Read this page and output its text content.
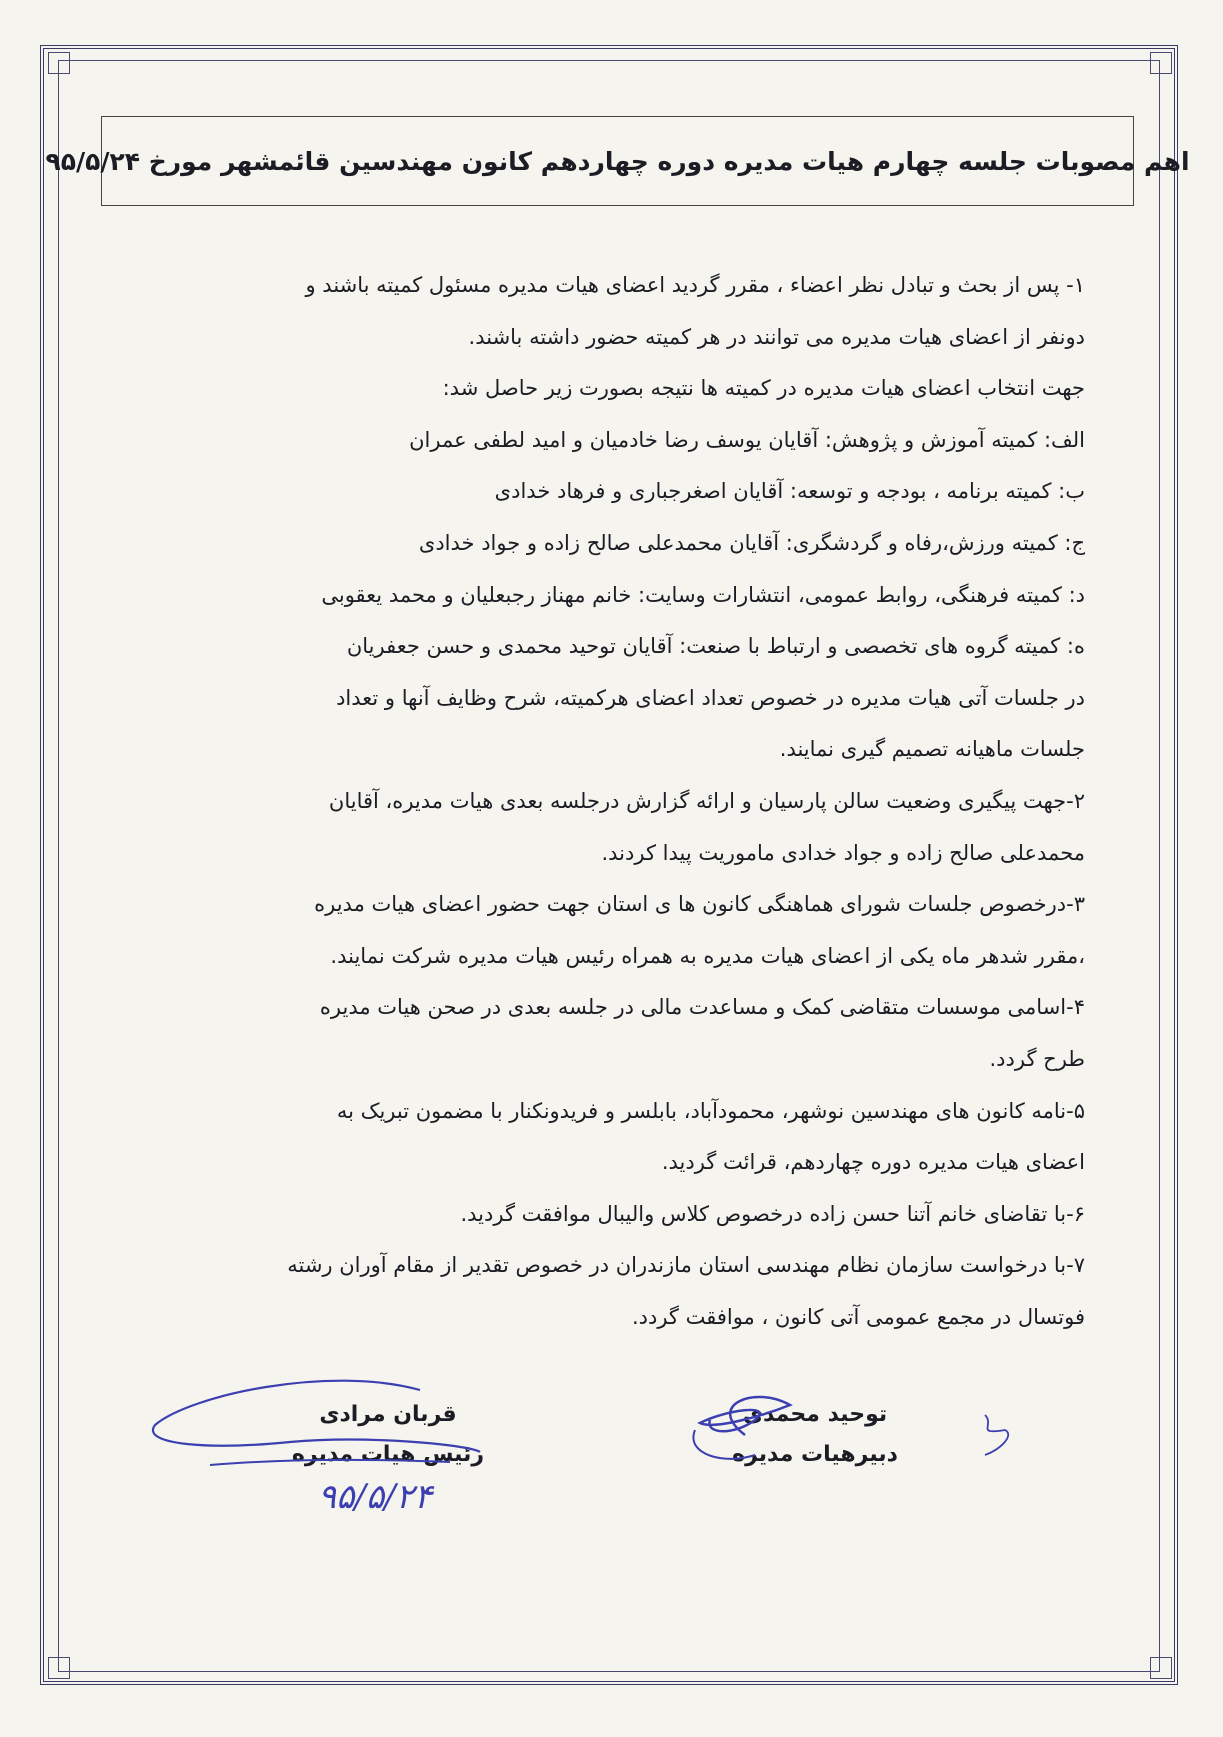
اهم مصوبات جلسه چهارم هیات مدیره دوره چهاردهم کانون مهندسین قائمشهر مورخ ۹۵/۵/۲۴
۱- پس از بحث و تبادل نظر اعضاء ، مقرر گردید اعضای هیات مدیره مسئول کمیته باشند و
دونفر از اعضای هیات مدیره می توانند در هر کمیته حضور داشته باشند.
جهت انتخاب اعضای هیات مدیره در کمیته ها نتیجه بصورت زیر حاصل شد:
الف: کمیته آموزش و پژوهش: آقایان یوسف رضا خادمیان و امید لطفی عمران
ب: کمیته برنامه ، بودجه و توسعه: آقایان اصغرجباری و فرهاد خدادی
ج: کمیته ورزش،رفاه و گردشگری: آقایان محمدعلی صالح زاده و جواد خدادی
د: کمیته فرهنگی، روابط عمومی، انتشارات وسایت: خانم مهناز رجبعلیان و محمد یعقوبی
ه: کمیته گروه های تخصصی و ارتباط با صنعت: آقایان توحید محمدی و حسن جعفریان
در جلسات آتی هیات مدیره در خصوص تعداد اعضای هرکمیته، شرح وظایف آنها و تعداد
جلسات ماهیانه تصمیم گیری نمایند.
۲-جهت پیگیری وضعیت سالن پارسیان و ارائه گزارش درجلسه بعدی هیات مدیره، آقایان
محمدعلی صالح زاده و جواد خدادی ماموریت پیدا کردند.
۳-درخصوص جلسات شورای هماهنگی کانون ها ی استان جهت حضور اعضای هیات مدیره
،مقرر شدهر ماه یکی از اعضای هیات مدیره به همراه رئیس هیات مدیره شرکت نمایند.
۴-اسامی موسسات متقاضی کمک و مساعدت مالی در جلسه بعدی در صحن هیات مدیره
طرح گردد.
۵-نامه کانون های مهندسین نوشهر، محمودآباد، بابلسر و فریدونکنار با مضمون تبریک به
اعضای هیات مدیره دوره چهاردهم، قرائت گردید.
۶-با تقاضای خانم آتنا حسن زاده درخصوص کلاس والیبال موافقت گردید.
۷-با درخواست سازمان نظام مهندسی استان مازندران در خصوص تقدیر از مقام آوران رشته
فوتسال در مجمع عمومی آتی کانون ، موافقت گردد.
توحید محمدی
دبیرهیات مدیره
قربان مرادی
رئیس هیات مدیره
۹۵/۵/۲۴
